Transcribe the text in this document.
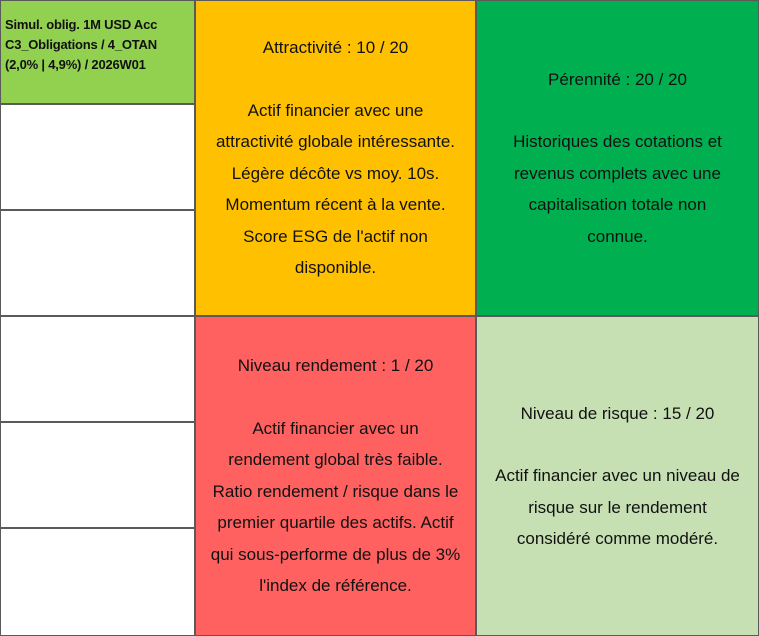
Simul. oblig. 1M USD Acc
C3_Obligations / 4_OTAN
(2,0% | 4,9%) / 2026W01
Attractivité : 10 / 20
Actif financier avec une
attractivité globale intéressante.
Légère décôte vs moy. 10s.
Momentum récent à la vente.
Score ESG de l'actif non
disponible.
Pérennité : 20 / 20
Historiques des cotations et
revenus complets avec une
capitalisation totale non
connue.
Niveau rendement : 1 / 20
Actif financier avec un
rendement global très faible.
Ratio rendement / risque dans le
premier quartile des actifs. Actif
qui sous-performe de plus de 3%
l'index de référence.
Niveau de risque : 15 / 20
Actif financier avec un niveau de
risque sur le rendement
considéré comme modéré.
